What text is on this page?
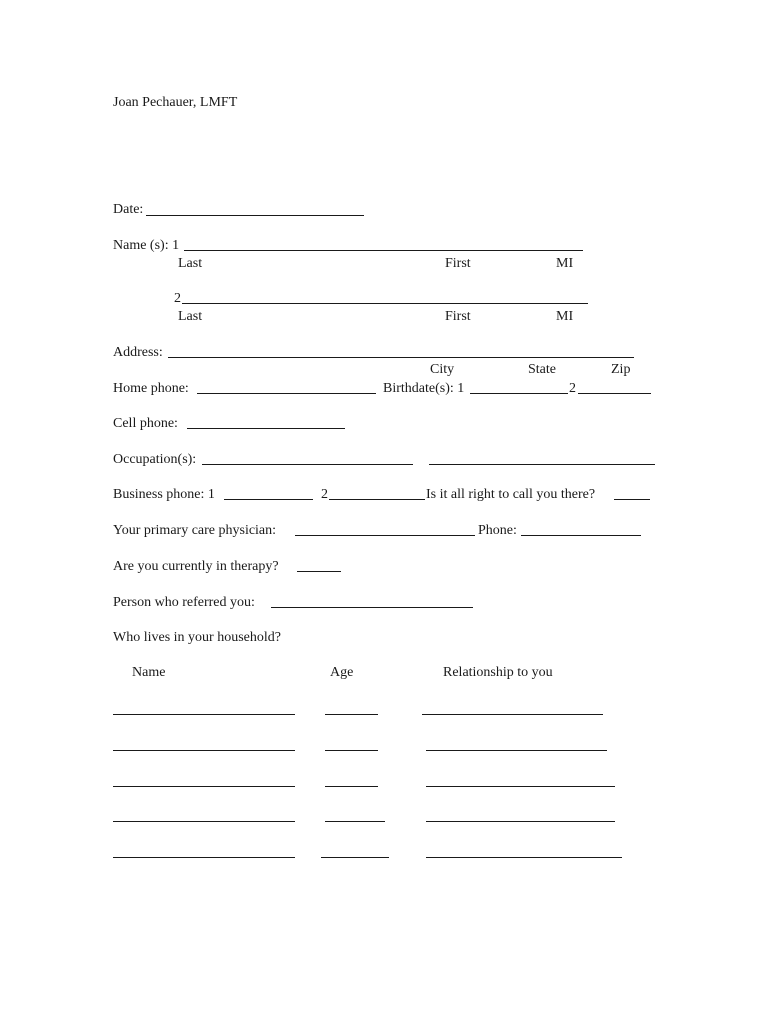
Joan Pechauer, LMFT
Date:
Name (s): 1
Last	First	MI
2
Last	First	MI
Address:
City	State	Zip
Home phone:	Birthdate(s): 1	2
Cell phone:
Occupation(s):
Business phone: 1	2	Is it all right to call you there?
Your primary care physician:	Phone:
Are you currently in therapy?
Person who referred you:
Who lives in your household?
Name	Age	Relationship to you
